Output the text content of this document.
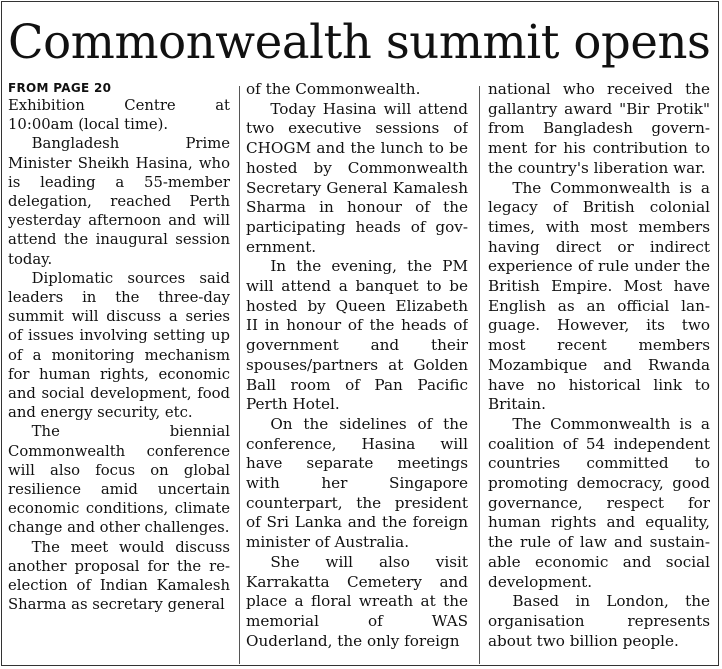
Commonwealth summit opens
FROM PAGE 20

Exhibition Centre at 10:00am (local time).

Bangladesh Prime Minister Sheikh Hasina, who is leading a 55-member delegation, reached Perth yesterday afternoon and will attend the inaugural session today.

Diplomatic sources said leaders in the three-day summit will discuss a series of issues involving setting up of a monitoring mechanism for human rights, economic and social development, food and energy security, etc.

The biennial Commonwealth conference will also focus on global resilience amid uncertain economic conditions, climate change and other challenges.

The meet would discuss another proposal for the reelection of Indian Kamalesh Sharma as secretary general

of the Commonwealth.

Today Hasina will attend two executive sessions of CHOGM and the lunch to be hosted by Commonwealth Secretary General Kamalesh Sharma in honour of the participating heads of government.

In the evening, the PM will attend a banquet to be hosted by Queen Elizabeth II in honour of the heads of government and their spouses/partners at Golden Ball room of Pan Pacific Perth Hotel.

On the sidelines of the conference, Hasina will have separate meetings with her Singapore counterpart, the president of Sri Lanka and the foreign minister of Australia.

She will also visit Karrakatta Cemetery and place a floral wreath at the memorial of WAS Ouderland, the only foreign

national who received the gallantry award "Bir Protik" from Bangladesh government for his contribution to the country's liberation war.

The Commonwealth is a legacy of British colonial times, with most members having direct or indirect experience of rule under the British Empire. Most have English as an official language. However, its two most recent members Mozambique and Rwanda have no historical link to Britain.

The Commonwealth is a coalition of 54 independent countries committed to promoting democracy, good governance, respect for human rights and equality, the rule of law and sustainable economic and social development.

Based in London, the organisation represents about two billion people.
